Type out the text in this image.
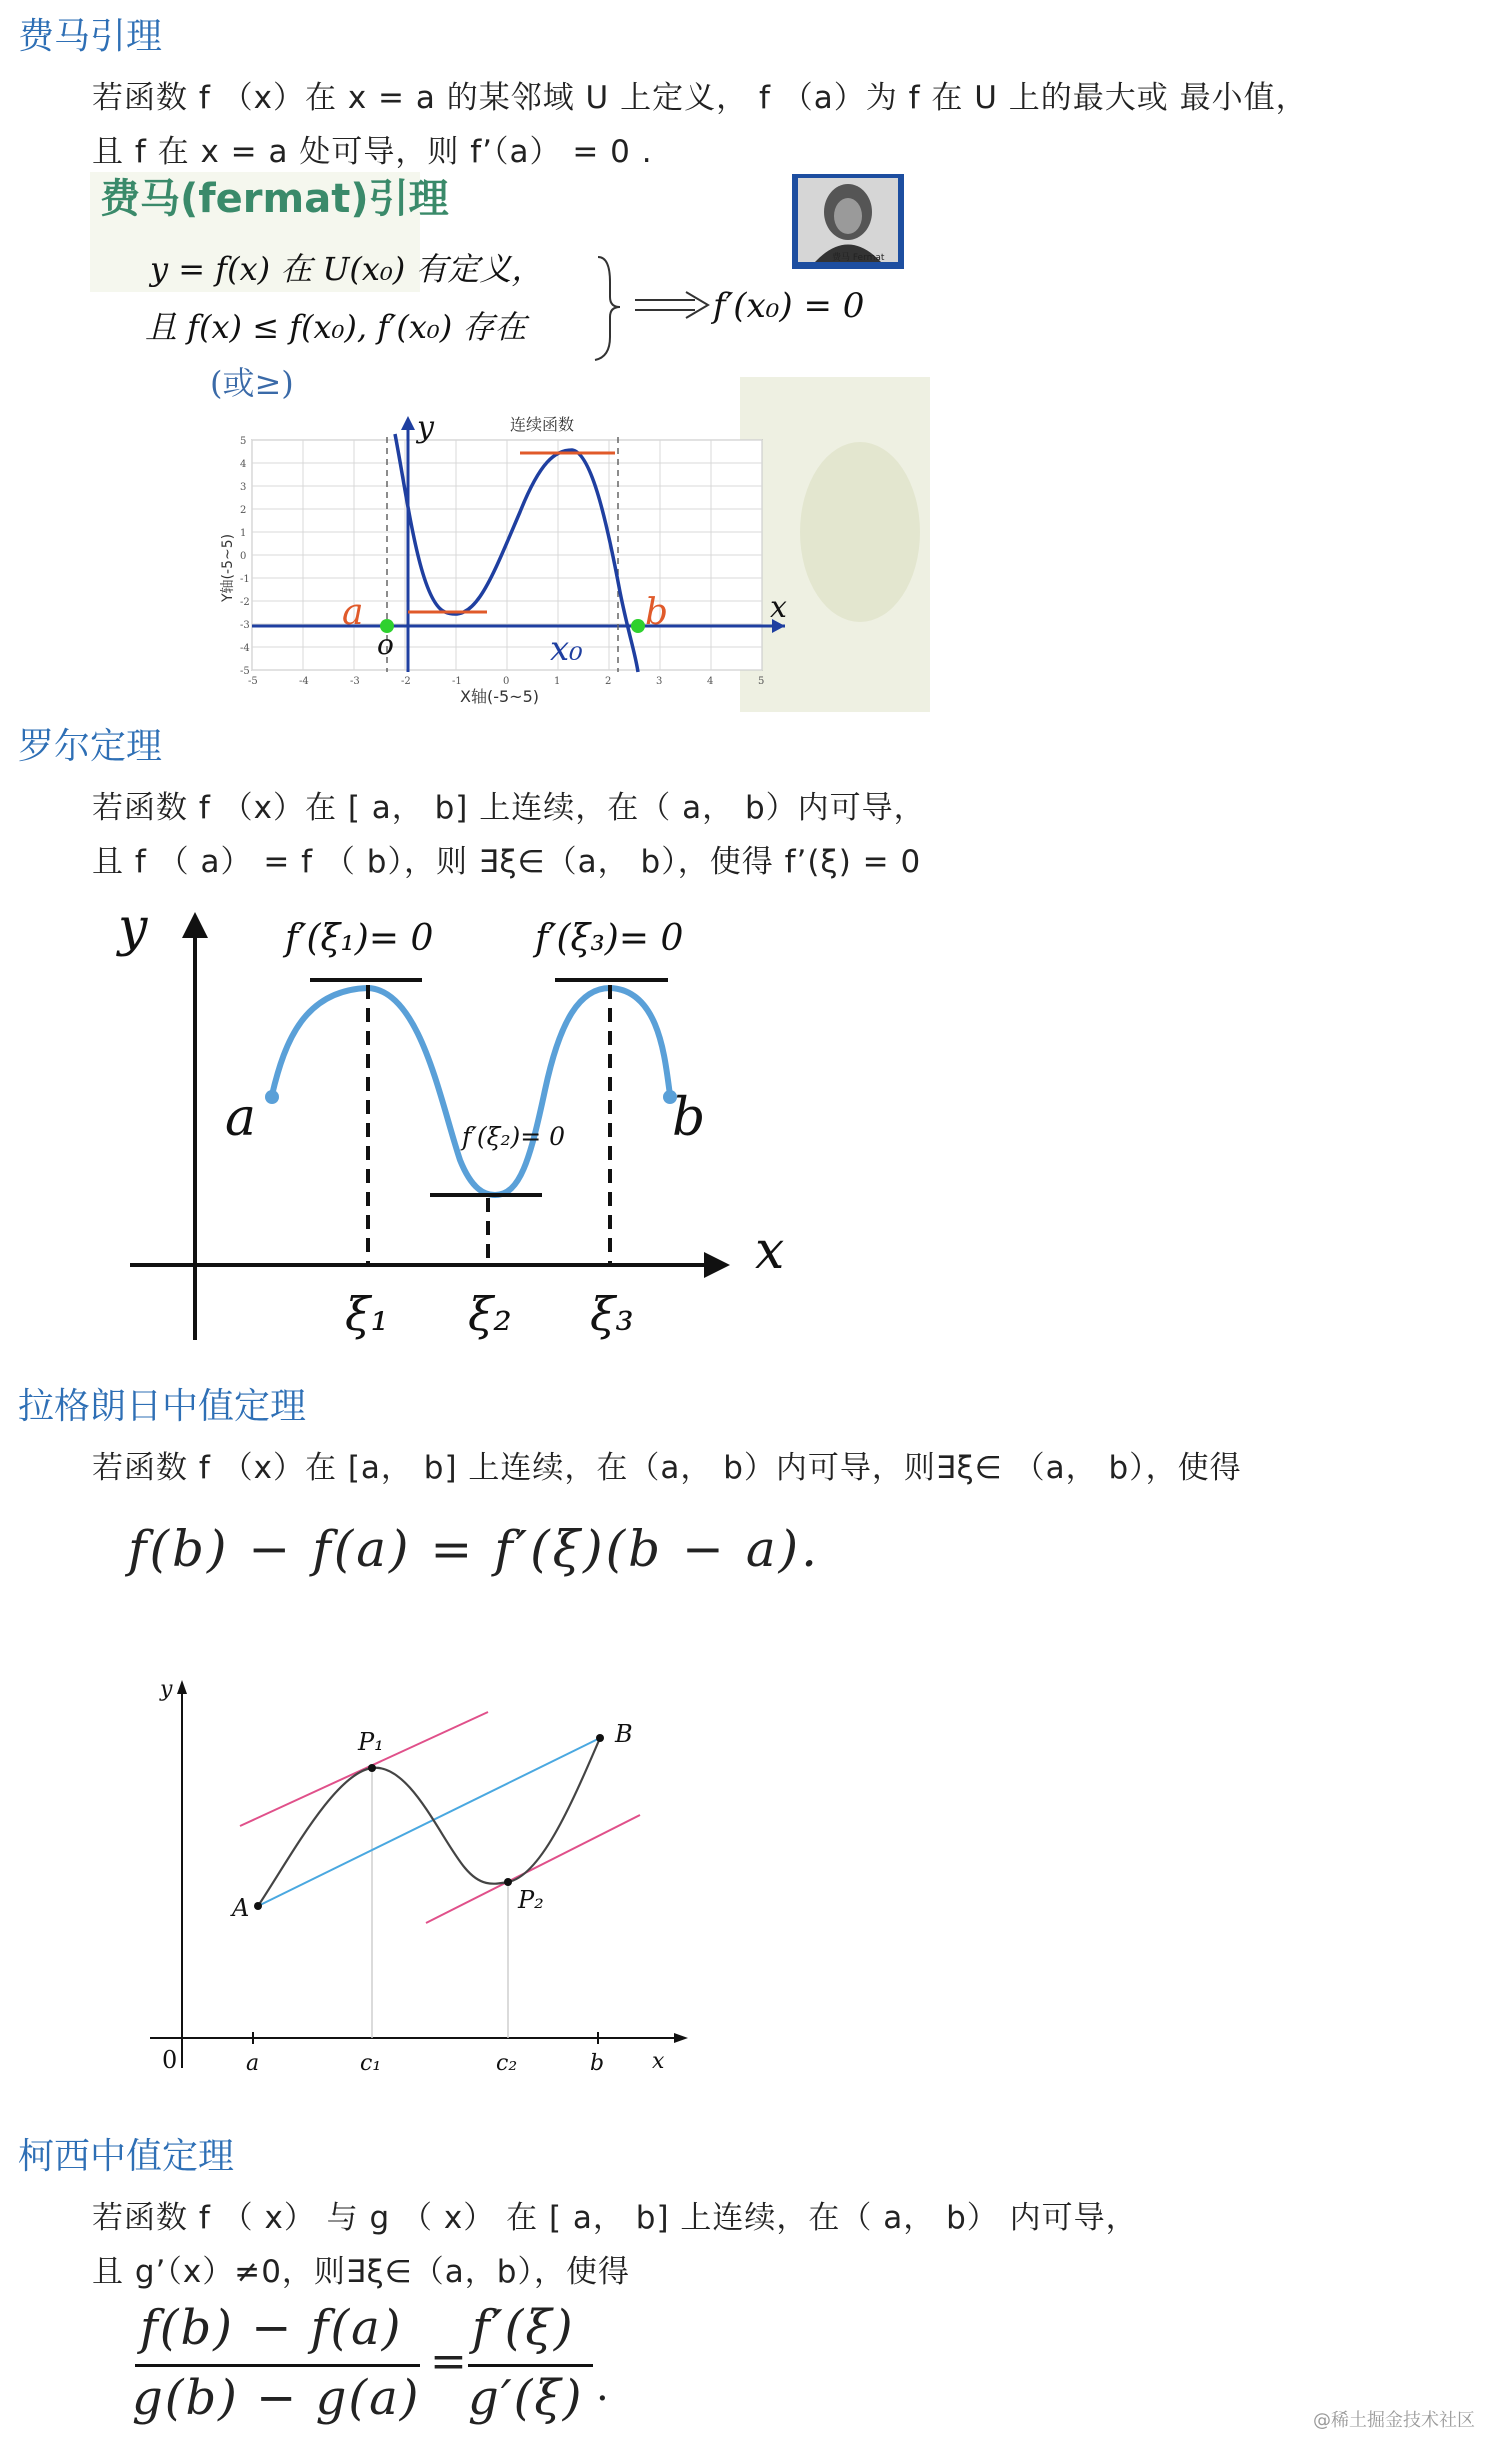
费马引理
若函数 f （x）在 x = a 的某邻域 U 上定义， f （a）为 f 在 U 上的最大或 最小值，
且 f 在 x = a 处可导，则 f’（a） = 0 .
费马(fermat)引理
y = f(x) 在 U(x₀) 有定义，
且 f(x) ≤ f(x₀), f′(x₀) 存在
(或≥)
f′(x₀) = 0
费马 Fermat
-5	-4	-3	-2	-1	0	1	2	3	4	5
5
4
3
2
1
0
-1
-2
-3
-4
-5
连续函数
Y轴(-5~5)
X轴(-5~5)
y
x
a	b
o	x₀
罗尔定理
若函数 f （x）在 [ a， b] 上连续，在（ a， b）内可导，
且 f （ a） = f （ b），则 ∃ξ∈（a， b），使得 f’(ξ) = 0
y
x
a	b
f′(ξ₁)= 0
f′(ξ₂)= 0
f′(ξ₃)= 0
ξ₁ ξ₂ ξ₃
拉格朗日中值定理
若函数 f （x）在 [a， b] 上连续，在（a， b）内可导，则∃ξ∈ （a， b），使得
f(b) − f(a) = f′(ξ)(b − a).
y
x
0
A
B
P₁
P₂
a	c₁	c₂	b
柯西中值定理
若函数 f （ x） 与 g （ x） 在 [ a， b] 上连续，在（ a， b） 内可导，
且 g’（x）≠0，则∃ξ∈（a，b），使得
f(b) − f(a)
g(b) − g(a)
=
f′(ξ)
g′(ξ) .
@稀土掘金技术社区
